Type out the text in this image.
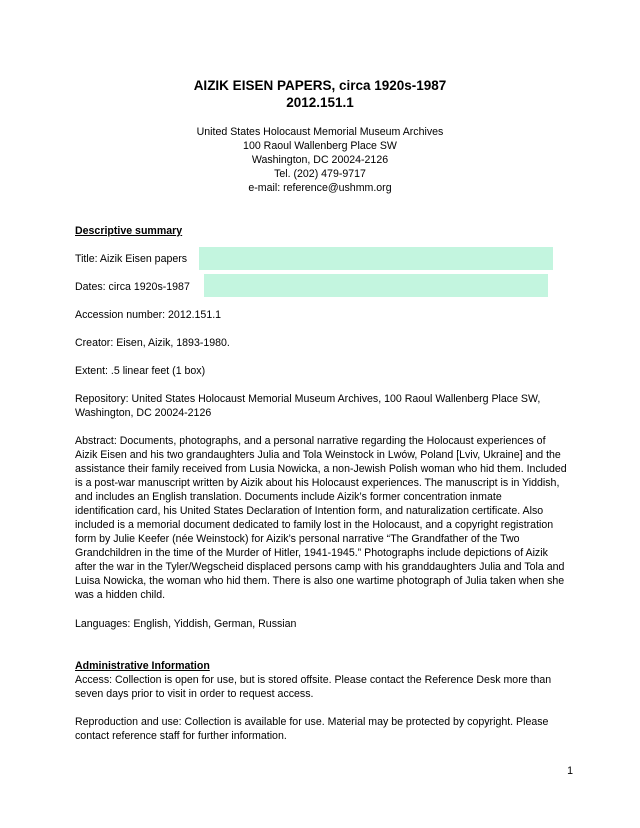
AIZIK EISEN PAPERS, circa 1920s-1987
2012.151.1
United States Holocaust Memorial Museum Archives
100 Raoul Wallenberg Place SW
Washington, DC 20024-2126
Tel. (202) 479-9717
e-mail: reference@ushmm.org
Descriptive summary
Title: Aizik Eisen papers
Dates: circa 1920s-1987
Accession number: 2012.151.1
Creator: Eisen, Aizik, 1893-1980.
Extent: .5 linear feet (1 box)
Repository: United States Holocaust Memorial Museum Archives, 100 Raoul Wallenberg Place SW,
Washington, DC 20024-2126
Abstract: Documents, photographs, and a personal narrative regarding the Holocaust experiences of
Aizik Eisen and his two grandaughters Julia and Tola Weinstock in Lwów, Poland [Lviv, Ukraine] and the
assistance their family received from Lusia Nowicka, a non-Jewish Polish woman who hid them. Included
is a post-war manuscript written by Aizik about his Holocaust experiences. The manuscript is in Yiddish,
and includes an English translation. Documents include Aizik’s former concentration inmate
identification card, his United States Declaration of Intention form, and naturalization certificate. Also
included is a memorial document dedicated to family lost in the Holocaust, and a copyright registration
form by Julie Keefer (née Weinstock) for Aizik’s personal narrative “The Grandfather of the Two
Grandchildren in the time of the Murder of Hitler, 1941-1945.” Photographs include depictions of Aizik
after the war in the Tyler/Wegscheid displaced persons camp with his granddaughters Julia and Tola and
Luisa Nowicka, the woman who hid them. There is also one wartime photograph of Julia taken when she
was a hidden child.
Languages: English, Yiddish, German, Russian
Administrative Information
Access: Collection is open for use, but is stored offsite. Please contact the Reference Desk more than
seven days prior to visit in order to request access.
Reproduction and use: Collection is available for use. Material may be protected by copyright. Please
contact reference staff for further information.
1
